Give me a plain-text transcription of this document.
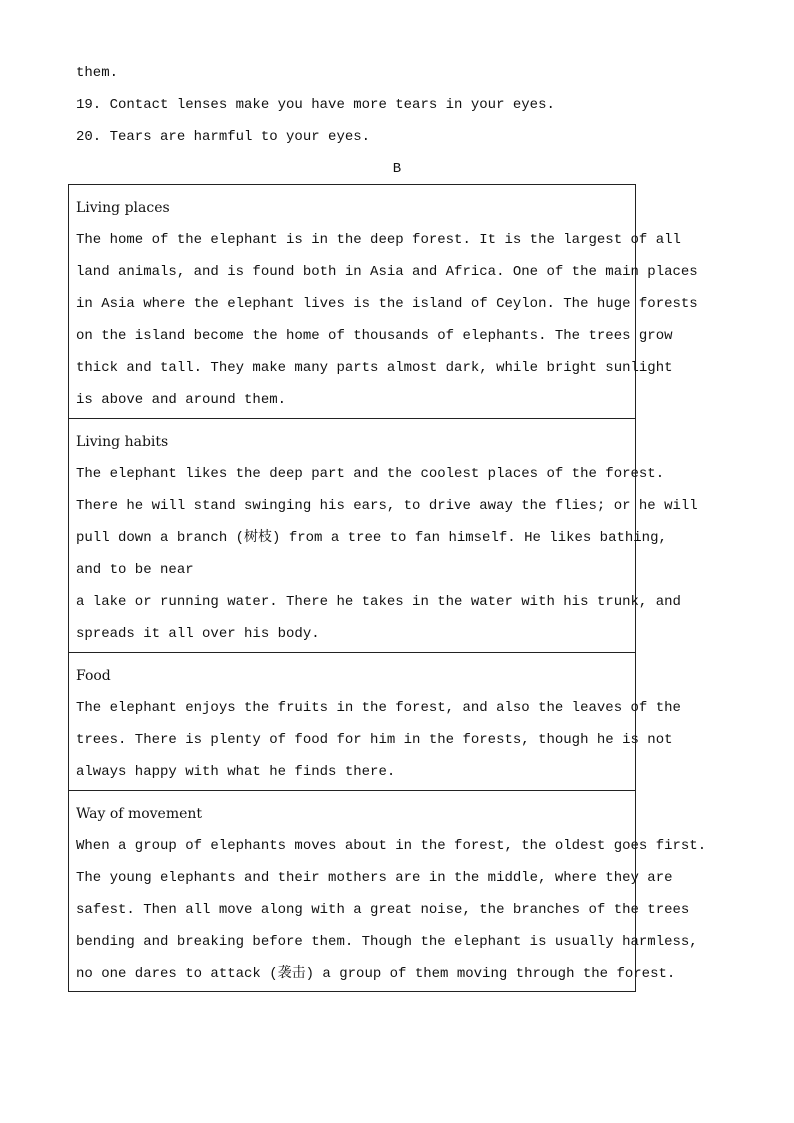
them.
19. Contact lenses make you have more tears in your eyes.
20. Tears are harmful to your eyes.
B
Living places
The home of the elephant is in the deep forest. It is the largest of all
land animals, and is found both in Asia and Africa. One of the main places
in Asia where the elephant lives is the island of Ceylon. The huge forests
on the island become the home of thousands of elephants. The trees grow
thick and tall. They make many parts almost dark, while bright sunlight
is above and around them.
Living habits
The elephant likes the deep part and the coolest places of the forest.
There he will stand swinging his ears, to drive away the flies; or he will
pull down a branch (树枝) from a tree to fan himself. He likes bathing,
and to be near
a lake or running water. There he takes in the water with his trunk, and
spreads it all over his body.
Food
The elephant enjoys the fruits in the forest, and also the leaves of the
trees. There is plenty of food for him in the forests, though he is not
always happy with what he finds there.
Way of movement
When a group of elephants moves about in the forest, the oldest goes first.
The young elephants and their mothers are in the middle, where they are
safest. Then all move along with a great noise, the branches of the trees
bending and breaking before them. Though the elephant is usually harmless,
no one dares to attack (袭击) a group of them moving through the forest.
